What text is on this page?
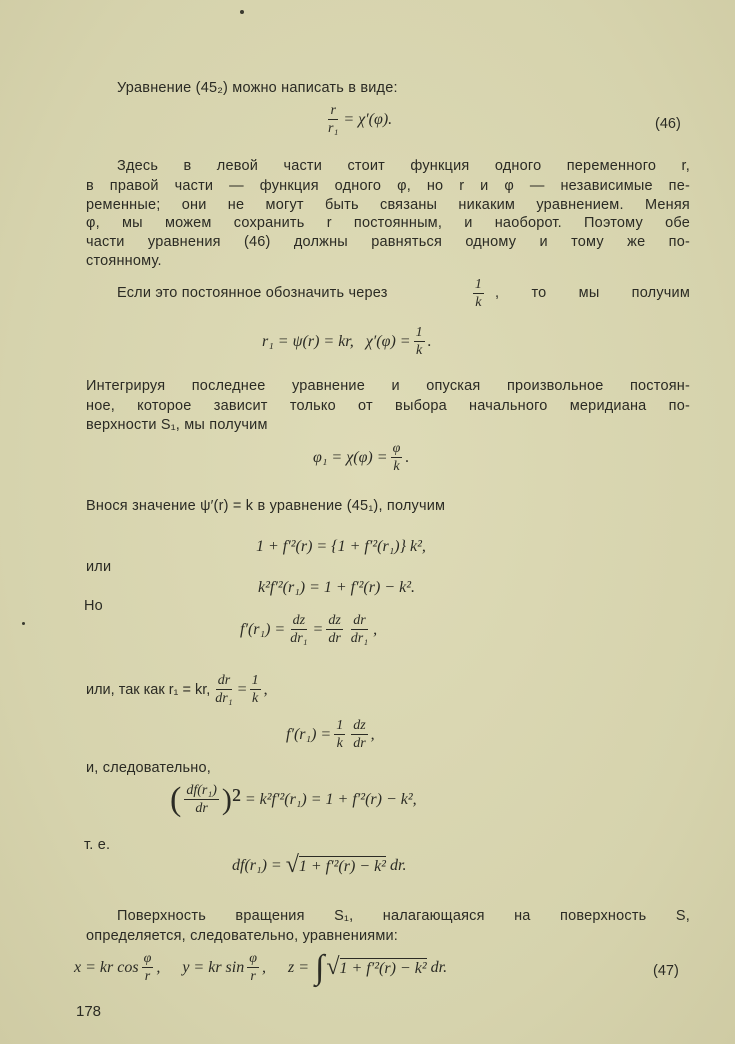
Уравнение (45₂) можно написать в виде:
$\frac{r}{\text{r₁}} = \chi'(\varphi)$.	(46)
Здесь в левой части стоит функция одного переменного r,
в правой части — функция одного φ, но r и φ — независимые пе-
ременные; они не могут быть связаны никаким уравнением. Меняя
φ, мы можем сохранить r постоянным, и наоборот. Поэтому обе
части уравнения (46) должны равняться одному и тому же по-
стоянному.
Если это постоянное обозначить через	$\frac{1}{k}$ , то мы получим
r₁ = ψ(r) = kr,   $\chi'(\varphi) = \frac{1}{k}$ .
Интегрируя последнее уравнение и опуская произвольное постоян-
ное, которое зависит только от выбора начального меридиана по-
верхности S₁, мы получим
$\varphi_1 = \chi(\varphi) = \frac{\varphi}{k}$ .
Внося значение ψ′(r) = k в уравнение (45₁), получим
1 + f′²(r) = {1 + f′²(r₁)} k²,
или
k²f′²(r₁) = 1 + f′²(r) − k².
Но
$f'(r_1) = \frac{dz}{\text{dr₁}} = \frac{dz}{dr} \frac{dr}{\text{dr₁}}$ ,
или, так как r₁ = kr, $\frac{dr}{\text{dr₁}} = \frac{1}{k}$ ,
$f'(r_1) = \frac{1}{k} \frac{dz}{dr}$ ,
и, следовательно,
( $\frac{\text{df(r₁)}}{dr} )^2 = k^2f'^2(r_1) = 1 + f'^2(r) - k^2$,
т. е.
df(r₁) = √ 1 + f′²(r) − k² dr.
Поверхность вращения S₁, налагающаяся на поверхность S,
определяется, следовательно, уравнениями:
x = kr $\cos \frac{\varphi}{r}$ , y = kr $\sin \frac{\varphi}{r}$ , z = ∫ √ 1 + f′²(r) − k² dr.	(47)
178
